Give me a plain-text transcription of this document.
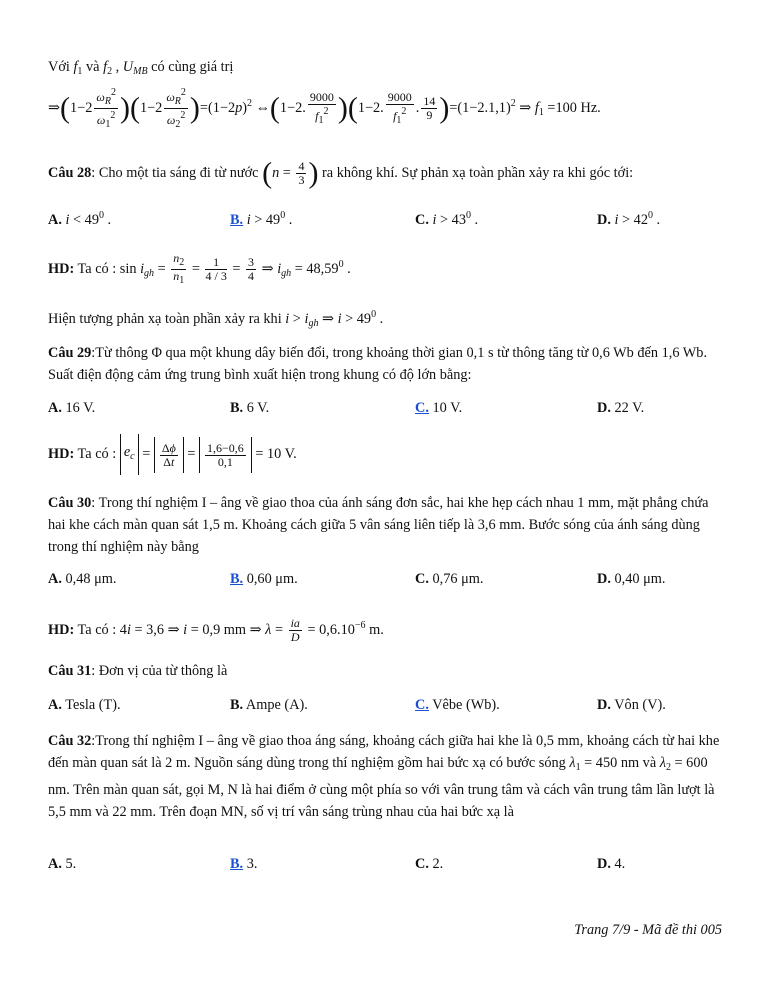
Với $f_1$ và $f_2$ , $U_{MB}$ có cùng giá trị
⇒(1−2 $\frac{\omega_R^2}{\omega_1^2} )(1-2 \frac{\omega_R^2}{\omega_2^2} )=(1-2p)^2$ ⇔(1−2. $\frac{9000}{f_1^2} )(1-2$. $\frac{9000}{f_1^2}$ . $\frac{14}{9} )=(1-2.1,1)^2$ ⇒ $f_1 =100$ Hz.
Câu 28: Cho một tia sáng đi từ nước ($n = \frac{4}{3}$ ) ra không khí. Sự phản xạ toàn phần xảy ra khi góc tới:
A. $i < 49^0$ .	B. $i > 49^0$ .	C. $i > 43^0$ .	D. $i > 42^0$ .
HD: Ta có : $\sin i_{gh} = \frac{n_2}{n_1} = \frac{1}{4 / 3} = \frac{3}{4}$ ⇒ $i_{gh} = 48,59^0$ .
Hiện tượng phản xạ toàn phần xảy ra khi $i > i_{gh}$ ⇒ $i > 49^0$ .
Câu 29:Từ thông Φ qua một khung dây biến đổi, trong khoảng thời gian 0,1 s từ thông tăng từ 0,6 Wb đến 1,6 Wb. Suất điện động cảm ứng trung bình xuất hiện trong khung có độ lớn bằng:
A. 16 V.	B. 6 V.	C. 10 V.	D. 22 V.
HD: Ta có : $e_c = \frac{\Delta\phi}{\Delta t} = \frac{1,6-0,6}{0,1} = 10$ V.
Câu 30: Trong thí nghiệm I – âng về giao thoa của ánh sáng đơn sắc, hai khe hẹp cách nhau 1 mm, mặt phẳng chứa hai khe cách màn quan sát 1,5 m. Khoảng cách giữa 5 vân sáng liên tiếp là 3,6 mm. Bước sóng của ánh sáng dùng trong thí nghiệm này bằng
A. 0,48 μm.	B. 0,60 μm.	C. 0,76 μm.	D. 0,40 μm.
HD: Ta có : 4i = 3,6 ⇒ i = 0,9 mm ⇒ $\lambda = \frac{ia}{D} = 0,6.10^{-6}$ m.
Câu 31: Đơn vị của từ thông là
A. Tesla (T).	B. Ampe (A).	C. Vêbe (Wb).	D. Vôn (V).
Câu 32:Trong thí nghiệm I – âng về giao thoa áng sáng, khoảng cách giữa hai khe là 0,5 mm, khoảng cách từ hai khe đến màn quan sát là 2 m. Nguồn sáng dùng trong thí nghiệm gồm hai bức xạ có bước sóng $\lambda_1 = 450$ nm và $\lambda_2 = 600$ nm. Trên màn quan sát, gọi M, N là hai điểm ở cùng một phía so với vân trung tâm và cách vân trung tâm lần lượt là 5,5 mm và 22 mm. Trên đoạn MN, số vị trí vân sáng trùng nhau của hai bức xạ là
A. 5.	B. 3.	C. 2.	D. 4.
Trang 7/9 - Mã đề thi 005
